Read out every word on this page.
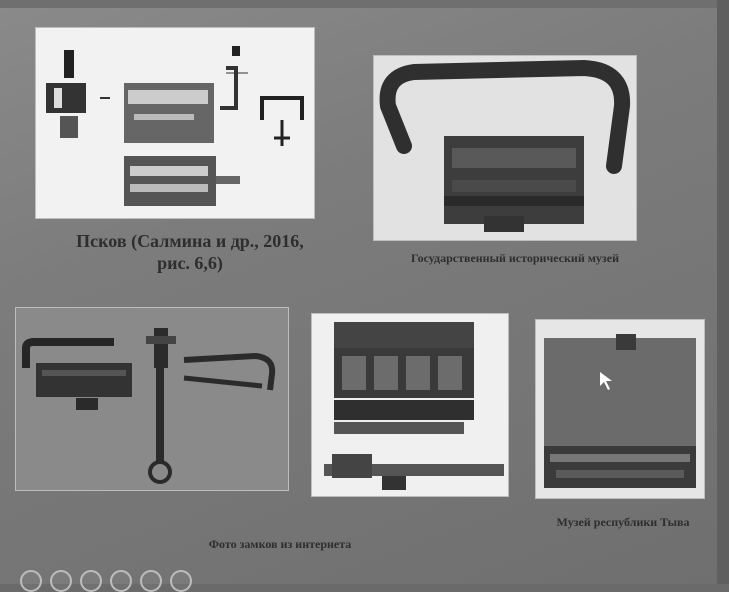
Псков (Салмина и др., 2016, рис. 6,6)	Государственный исторический музей
Фото замков из интернета
Музей республики Тыва
